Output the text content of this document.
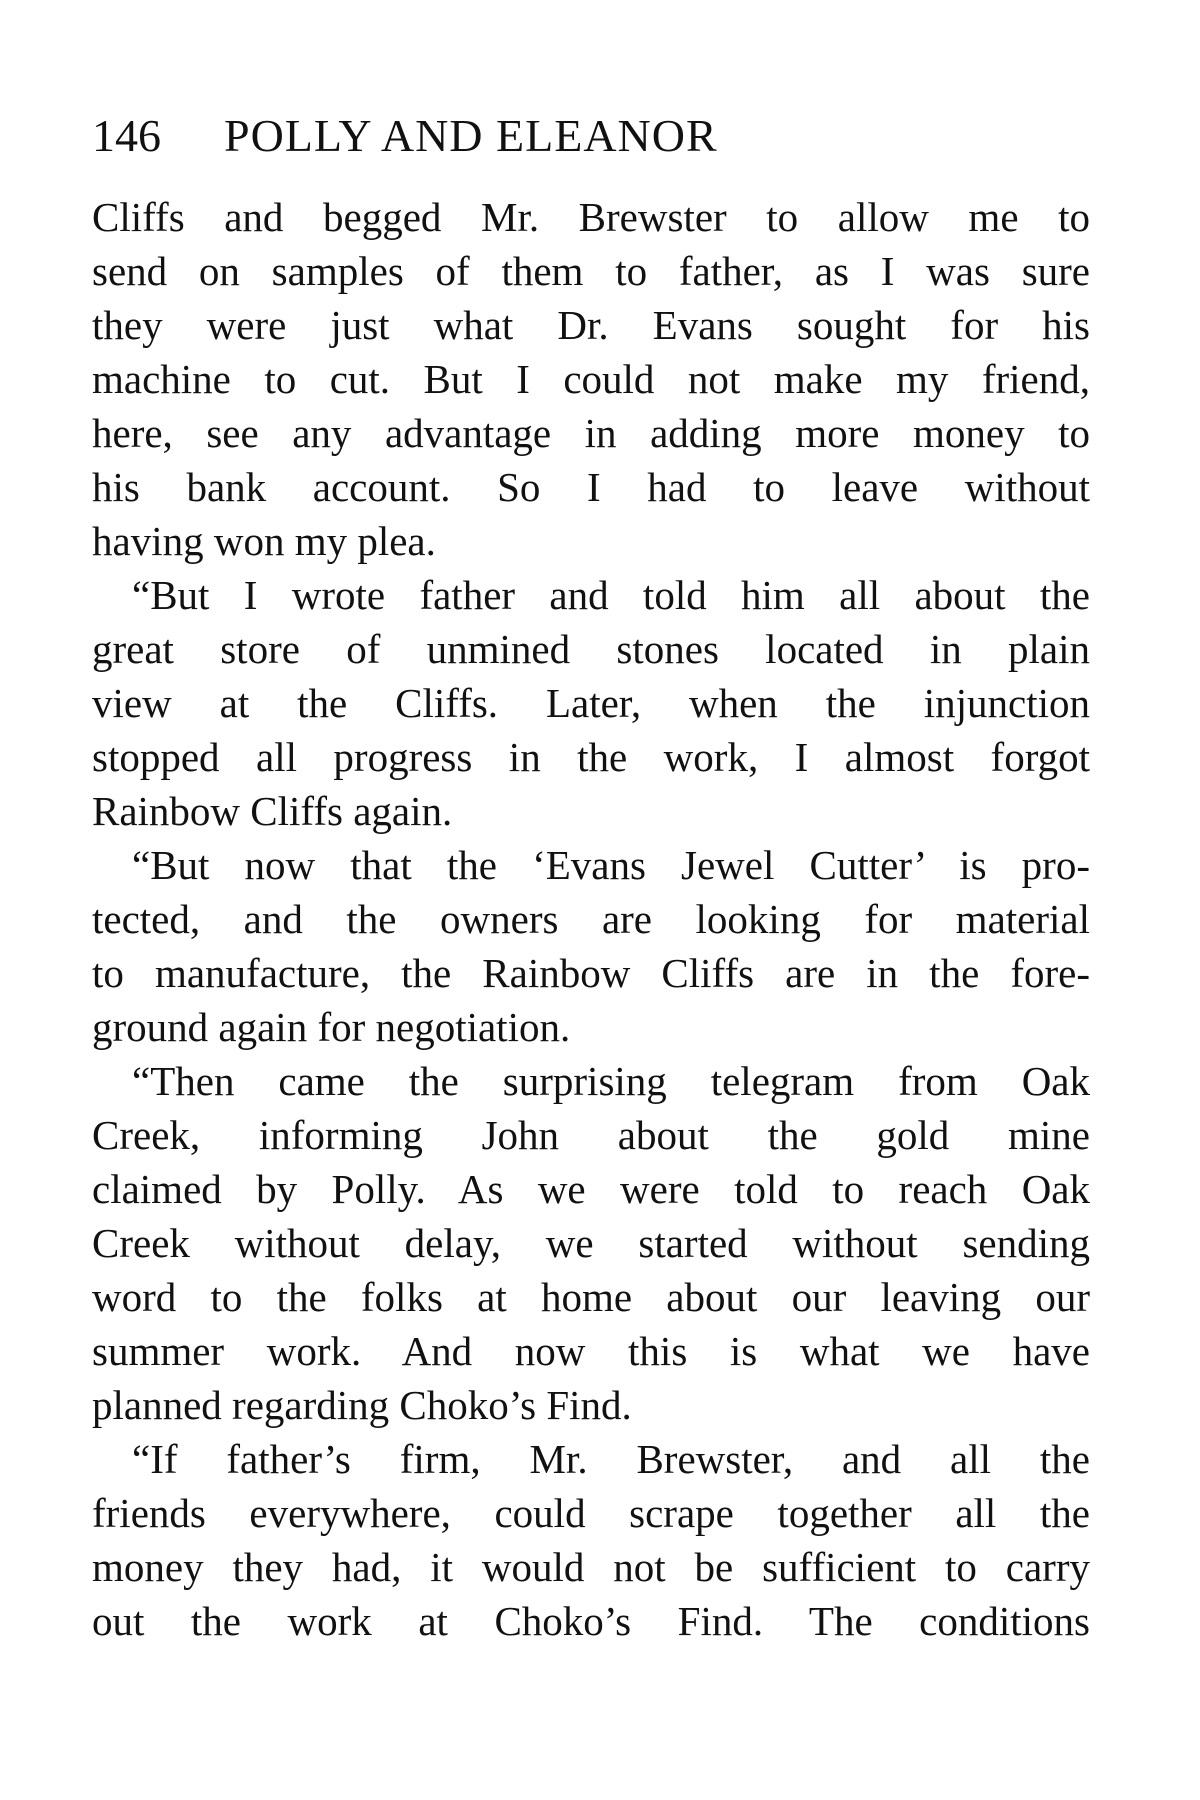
146 POLLY AND ELEANOR
Cliffs and begged Mr. Brewster to allow me to
send on samples of them to father, as I was sure
they were just what Dr. Evans sought for his
machine to cut. But I could not make my friend,
here, see any advantage in adding more money to
his bank account. So I had to leave without
having won my plea.
“But I wrote father and told him all about the
great store of unmined stones located in plain
view at the Cliffs. Later, when the injunction
stopped all progress in the work, I almost forgot
Rainbow Cliffs again.
“But now that the ‘Evans Jewel Cutter’ is pro-
tected, and the owners are looking for material
to manufacture, the Rainbow Cliffs are in the fore-
ground again for negotiation.
“Then came the surprising telegram from Oak
Creek, informing John about the gold mine
claimed by Polly. As we were told to reach Oak
Creek without delay, we started without sending
word to the folks at home about our leaving our
summer work. And now this is what we have
planned regarding Choko’s Find.
“If father’s firm, Mr. Brewster, and all the
friends everywhere, could scrape together all the
money they had, it would not be sufficient to carry
out the work at Choko’s Find. The conditions
